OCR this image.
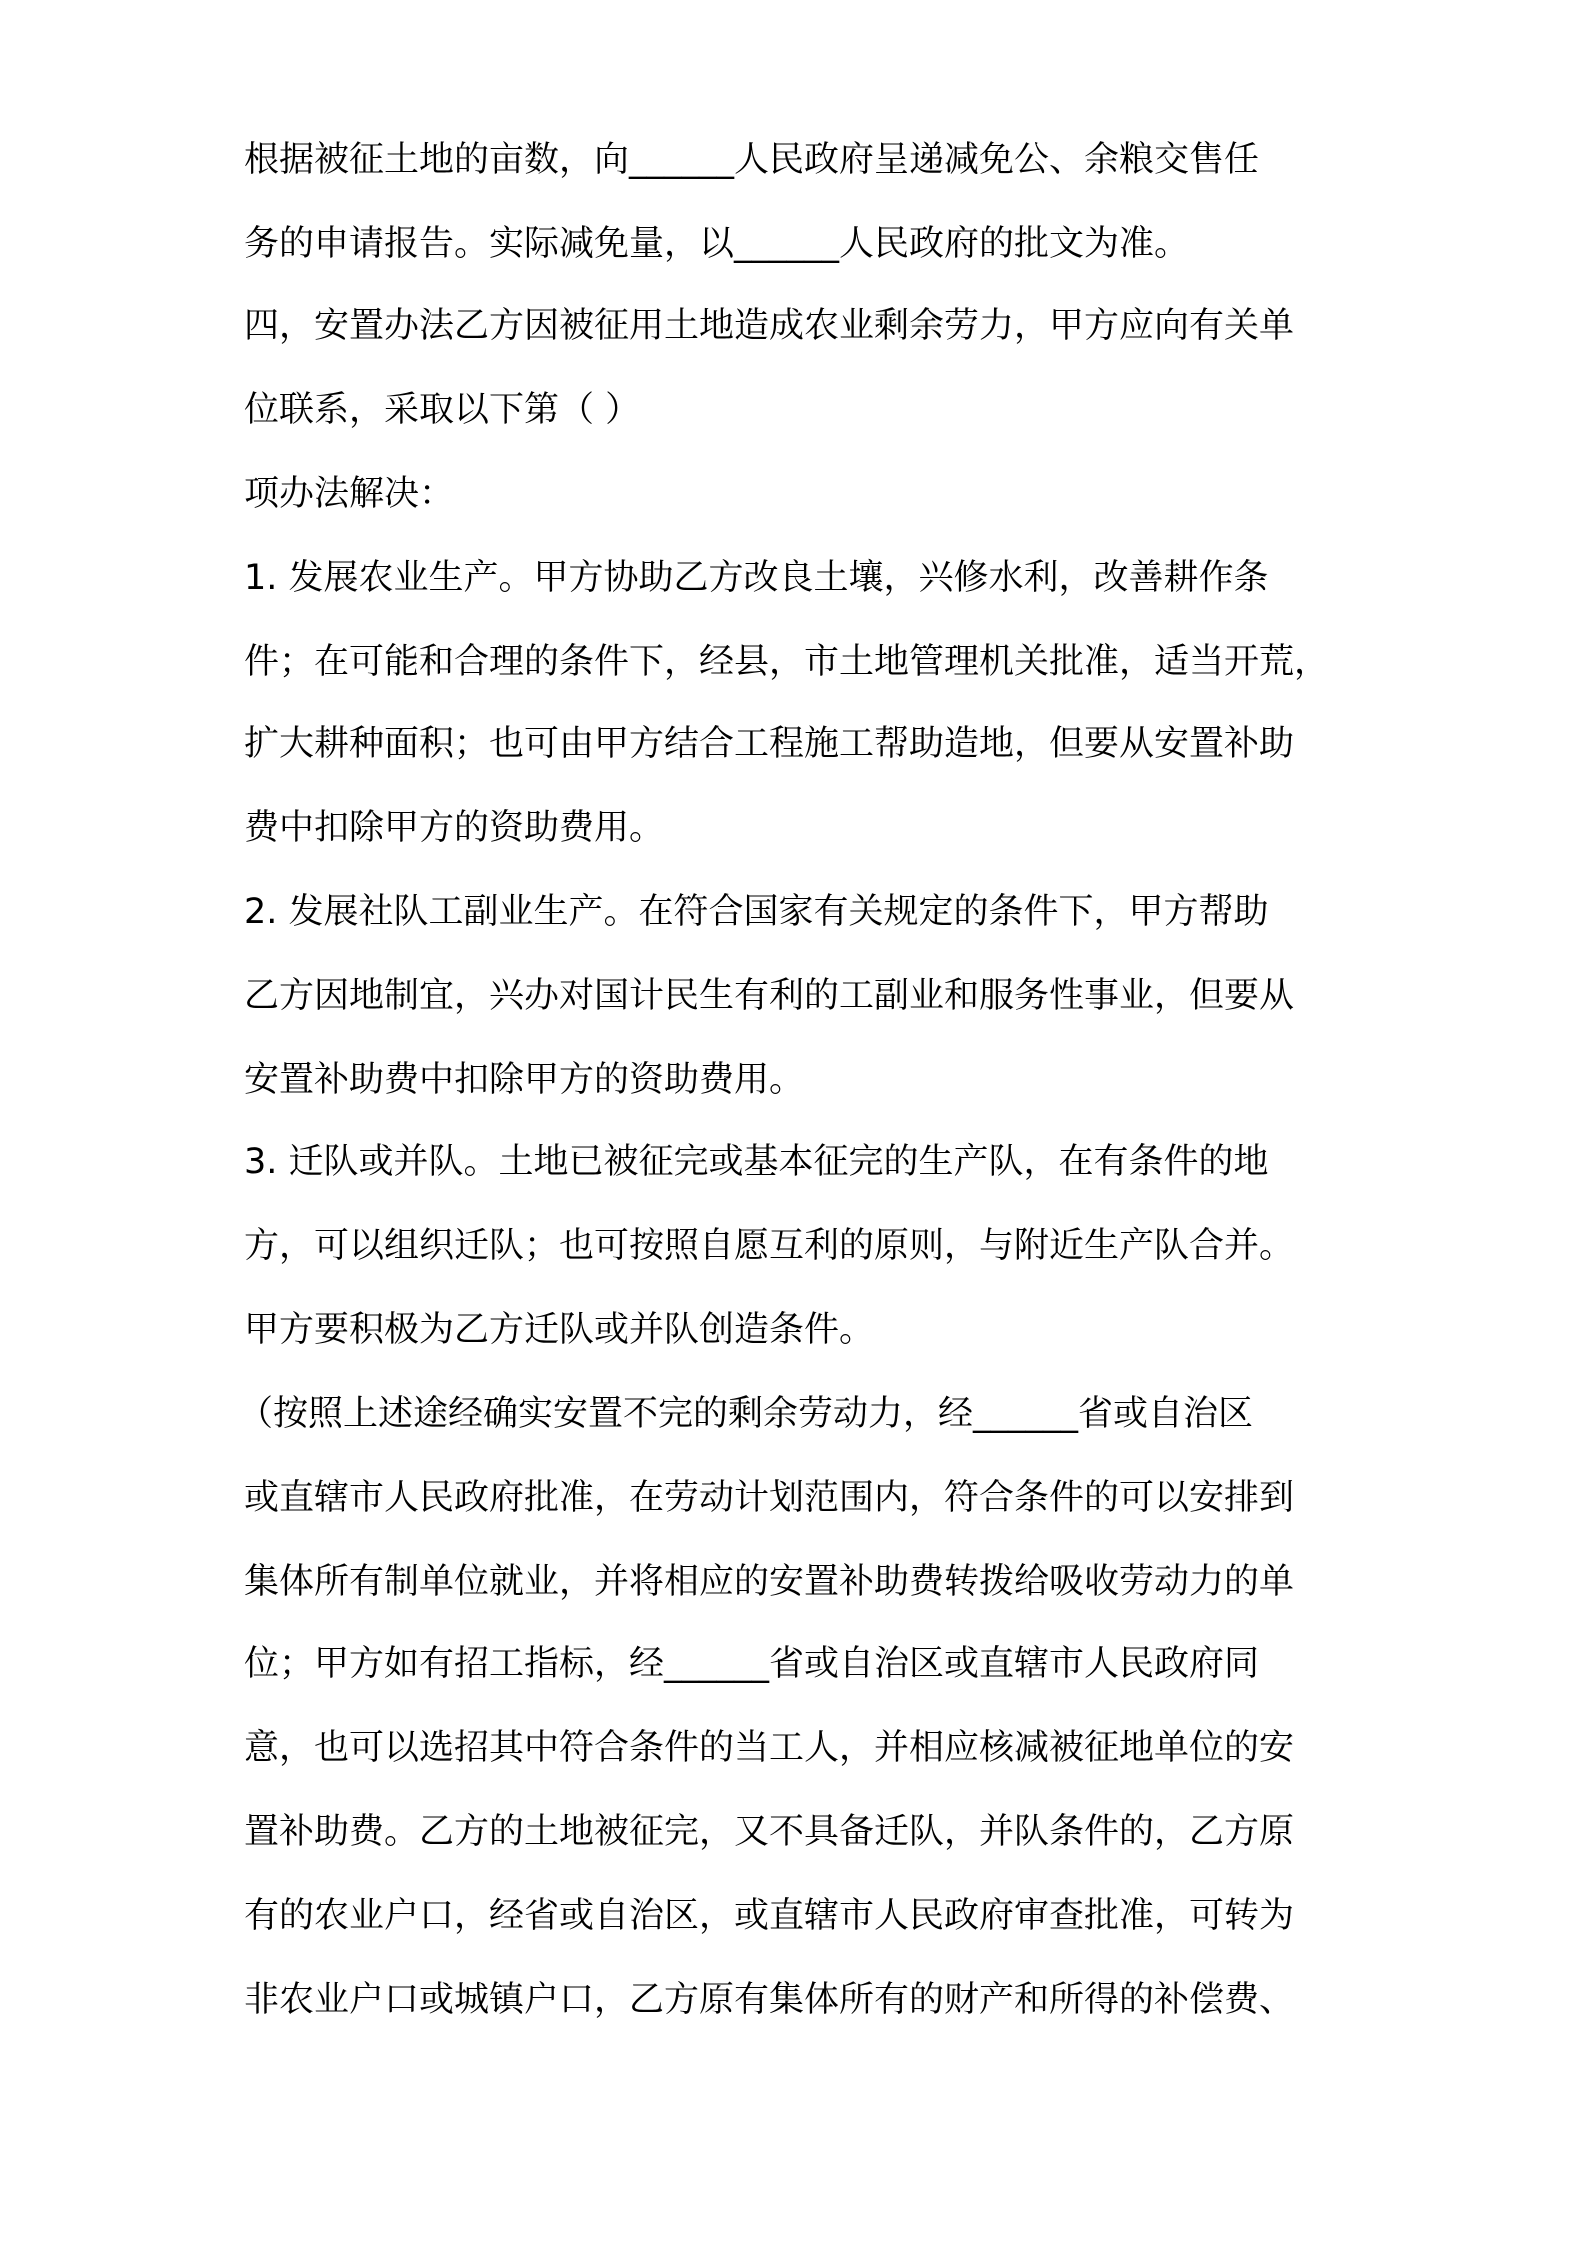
根据被征土地的亩数，向______人民政府呈递减免公、余粮交售任
务的申请报告。实际减免量，以______人民政府的批文为准。
四，安置办法乙方因被征用土地造成农业剩余劳力，甲方应向有关单
位联系，采取以下第（ ）
项办法解决：
1. 发展农业生产。甲方协助乙方改良土壤，兴修水利，改善耕作条
件；在可能和合理的条件下，经县，市土地管理机关批准，适当开荒，
扩大耕种面积；也可由甲方结合工程施工帮助造地，但要从安置补助
费中扣除甲方的资助费用。
2. 发展社队工副业生产。在符合国家有关规定的条件下，甲方帮助
乙方因地制宜，兴办对国计民生有利的工副业和服务性事业，但要从
安置补助费中扣除甲方的资助费用。
3. 迁队或并队。土地已被征完或基本征完的生产队，在有条件的地
方，可以组织迁队；也可按照自愿互利的原则，与附近生产队合并。
甲方要积极为乙方迁队或并队创造条件。
（按照上述途经确实安置不完的剩余劳动力，经______省或自治区
或直辖市人民政府批准，在劳动计划范围内，符合条件的可以安排到
集体所有制单位就业，并将相应的安置补助费转拨给吸收劳动力的单
位；甲方如有招工指标，经______省或自治区或直辖市人民政府同
意，也可以选招其中符合条件的当工人，并相应核减被征地单位的安
置补助费。乙方的土地被征完，又不具备迁队，并队条件的，乙方原
有的农业户口，经省或自治区，或直辖市人民政府审查批准，可转为
非农业户口或城镇户口，乙方原有集体所有的财产和所得的补偿费、
